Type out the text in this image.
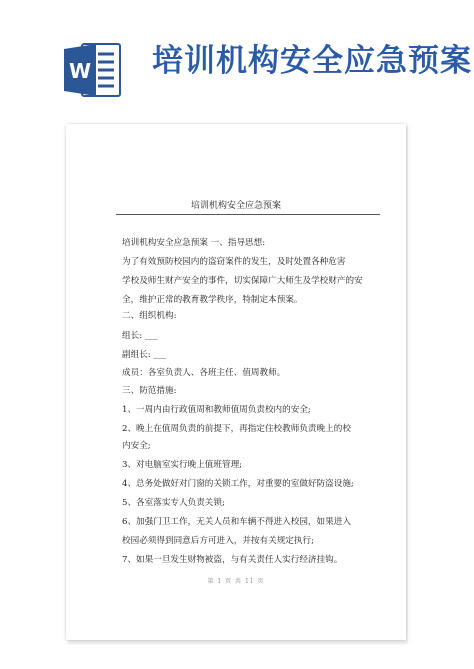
W 培训机构安全应急预案
培训机构安全应急预案
培训机构安全应急预案 一、指导思想:
为了有效预防校园内的盗窃案件的发生，及时处置各种危害
学校及师生财产安全的事件，切实保障广大师生及学校财产的安
全，维护正常的教育教学秩序，特制定本预案。
二、组织机构:
组长: ___
副组长: ___
成员：各室负责人、各班主任、值周教师。
三、防范措施:
1、一周内由行政值周和教师值周负责校内的安全;
2、晚上在值周负责的前提下，再指定住校教师负责晚上的校
内安全;
3、对电脑室实行晚上值班管理;
4、总务处做好对门窗的关锁工作，对重要的室做好防盗设施;
5、各室落实专人负责关锁;
6、加强门卫工作，无关人员和车辆不得进入校园，如果进入
校园必须得到同意后方可进入，并按有关规定执行;
7、如果一旦发生财物被盗，与有关责任人实行经济挂钩。
第 1 页 共 11 页
